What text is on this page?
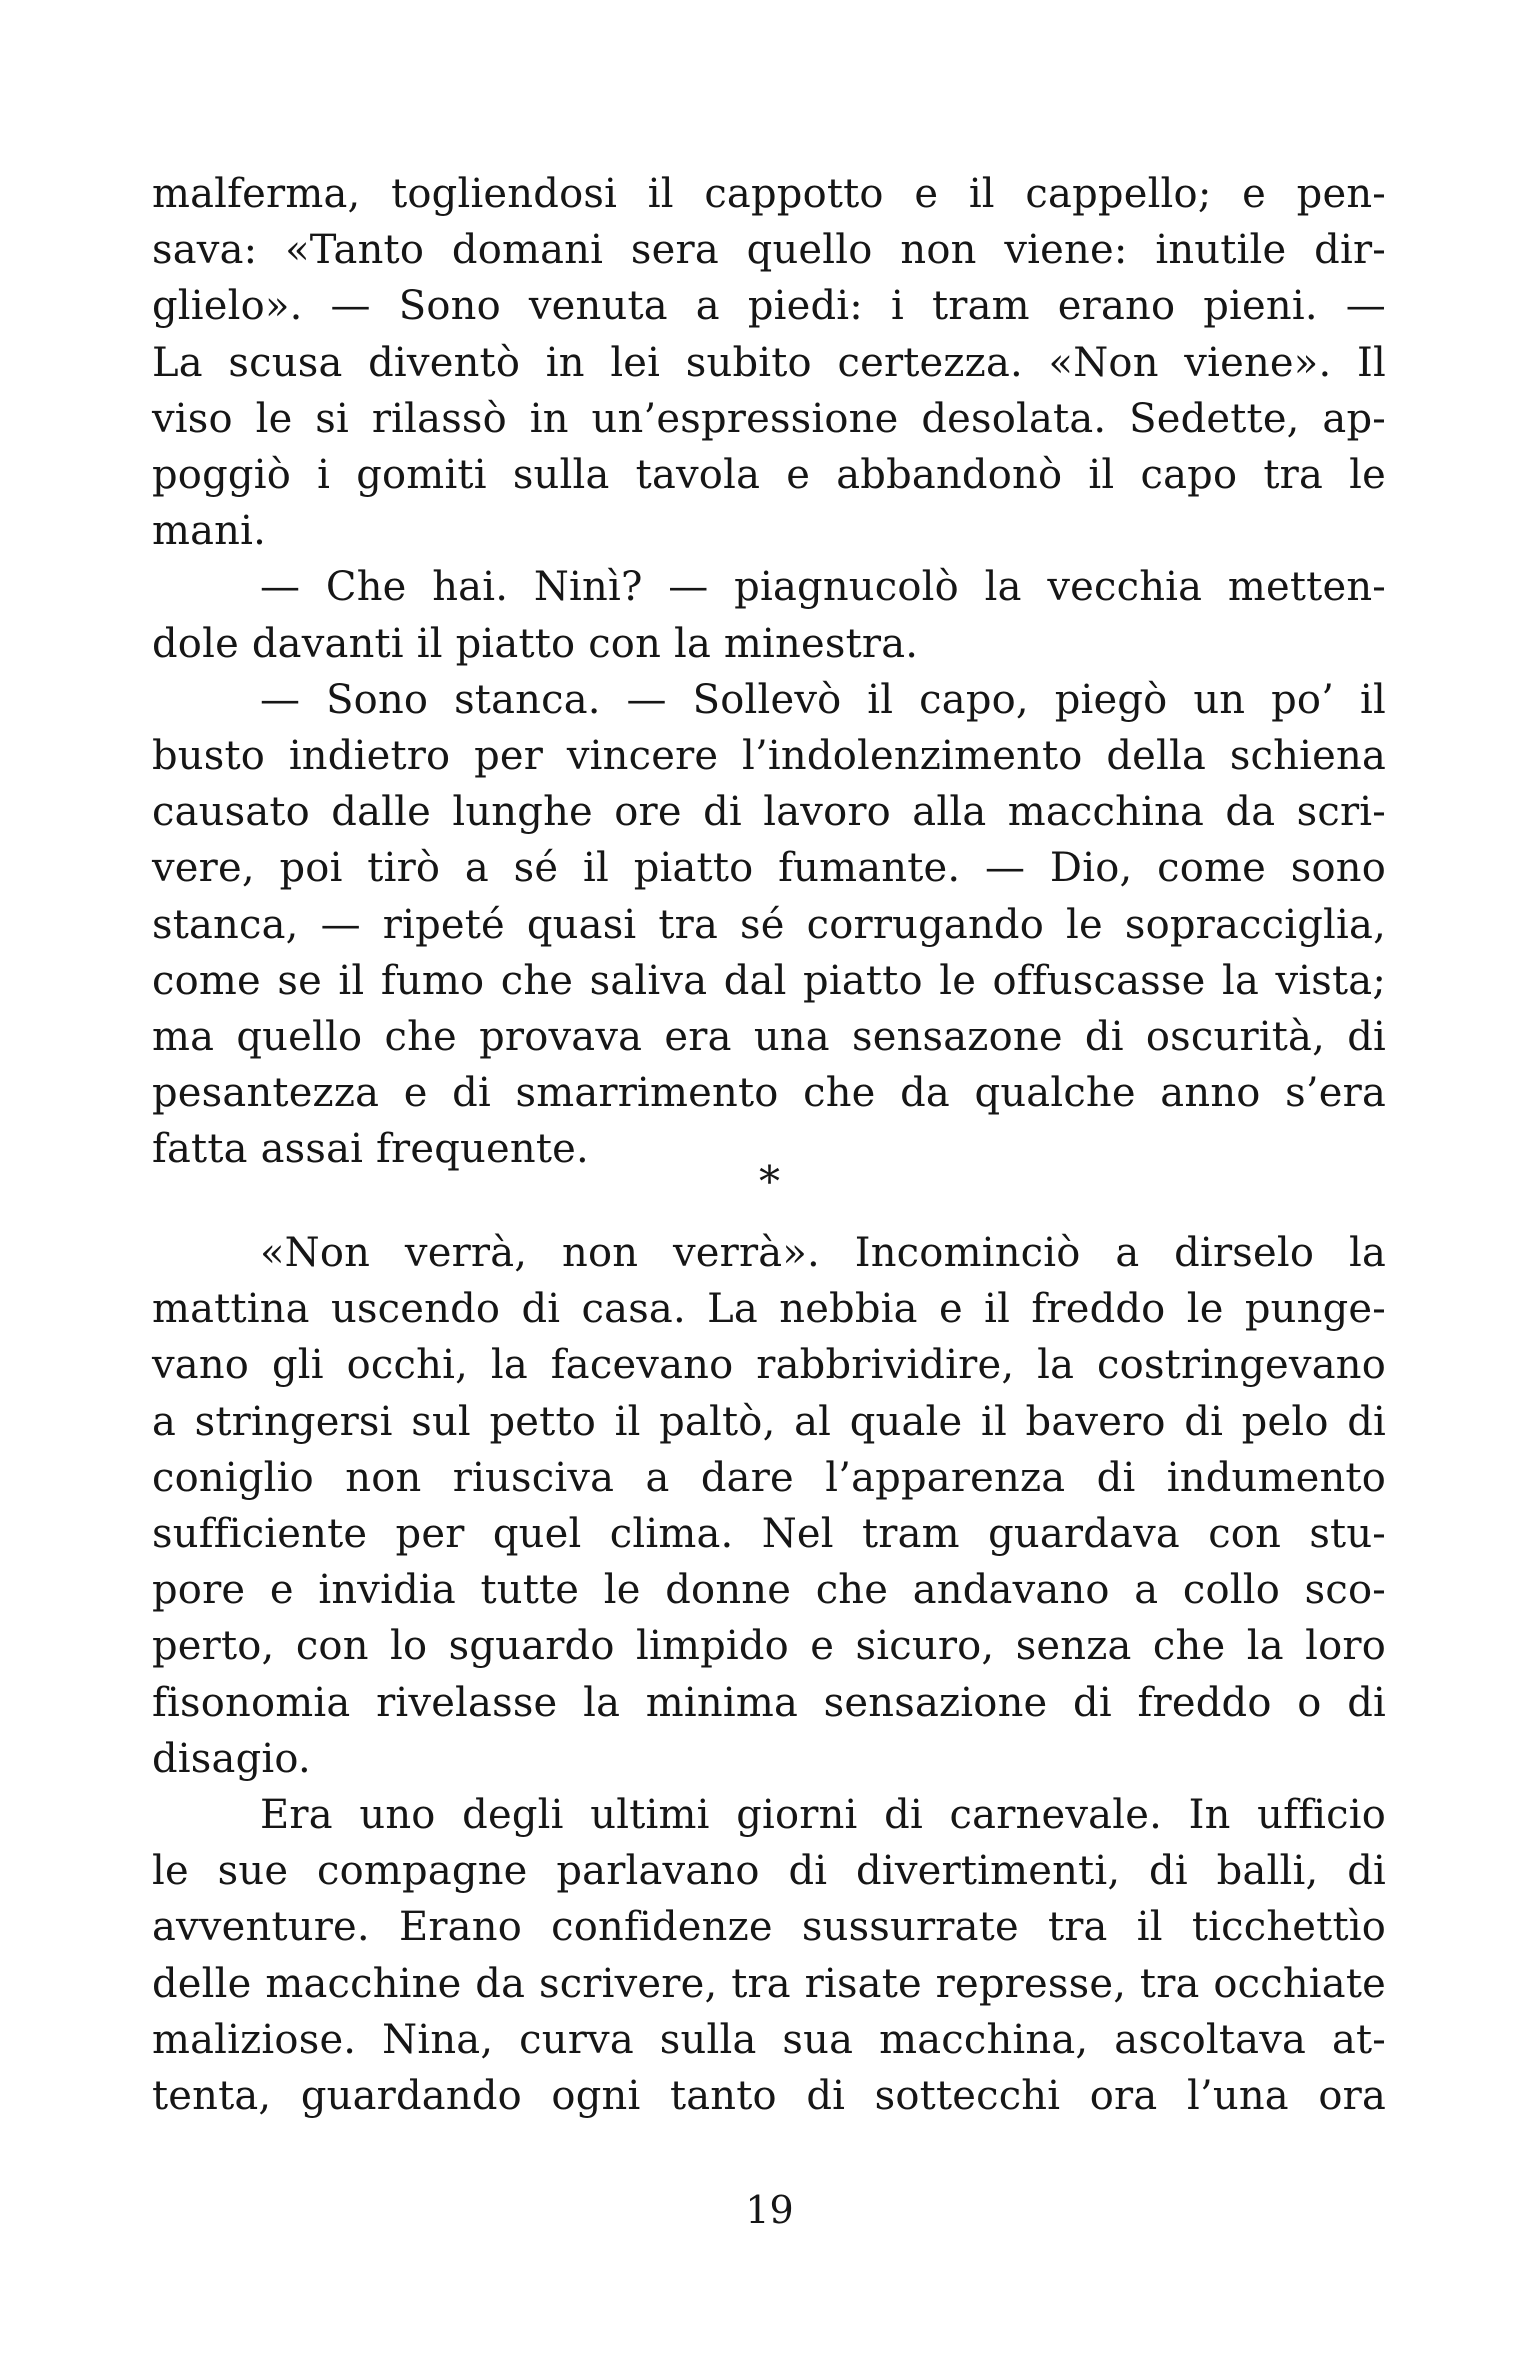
malferma, togliendosi il cappotto e il cappello; e pen-
sava: «Tanto domani sera quello non viene: inutile dir-
glielo». — Sono venuta a piedi: i tram erano pieni. —
La scusa diventò in lei subito certezza. «Non viene». Il
viso le si rilassò in un’espressione desolata. Sedette, ap-
poggiò i gomiti sulla tavola e abbandonò il capo tra le
mani.
— Che hai. Ninì? — piagnucolò la vecchia metten-
dole davanti il piatto con la minestra.
— Sono stanca. — Sollevò il capo, piegò un po’ il
busto indietro per vincere l’indolenzimento della schiena
causato dalle lunghe ore di lavoro alla macchina da scri-
vere, poi tirò a sé il piatto fumante. — Dio, come sono
stanca, — ripeté quasi tra sé corrugando le sopracciglia,
come se il fumo che saliva dal piatto le offuscasse la vista;
ma quello che provava era una sensazone di oscurità, di
pesantezza e di smarrimento che da qualche anno s’era
fatta assai frequente.
*
«Non verrà, non verrà». Incominciò a dirselo la
mattina uscendo di casa. La nebbia e il freddo le punge-
vano gli occhi, la facevano rabbrividire, la costringevano
a stringersi sul petto il paltò, al quale il bavero di pelo di
coniglio non riusciva a dare l’apparenza di indumento
sufficiente per quel clima. Nel tram guardava con stu-
pore e invidia tutte le donne che andavano a collo sco-
perto, con lo sguardo limpido e sicuro, senza che la loro
fisonomia rivelasse la minima sensazione di freddo o di
disagio.
Era uno degli ultimi giorni di carnevale. In ufficio
le sue compagne parlavano di divertimenti, di balli, di
avventure. Erano confidenze sussurrate tra il ticchettìo
delle macchine da scrivere, tra risate represse, tra occhiate
maliziose. Nina, curva sulla sua macchina, ascoltava at-
tenta, guardando ogni tanto di sottecchi ora l’una ora
19
